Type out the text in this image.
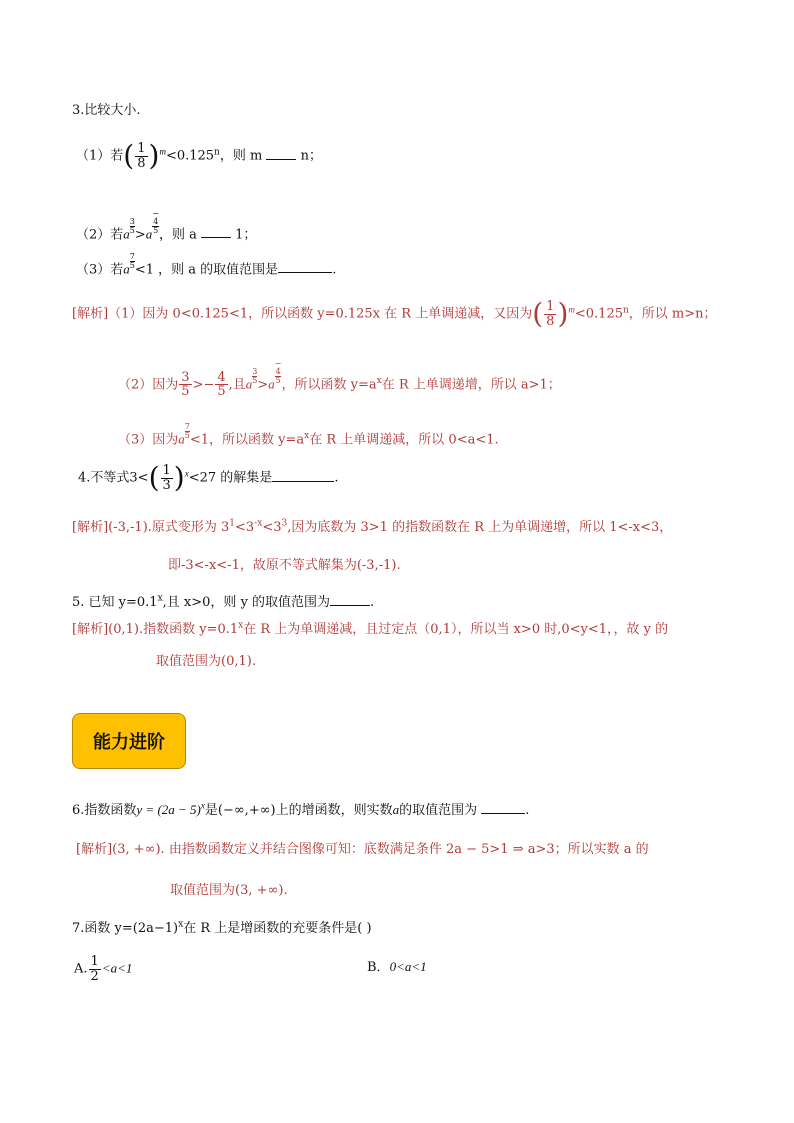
3.比较大小.
（1）若( $\frac{1}{8} )^m<0.125^n$，则 m	n；
（2）若a $\frac{3}{5} >a$ −
4
5 ，则 a	1；
（3）若a $\frac{7}{5} <1$ ，则 a 的取值范围是	.
[解析]（1）因为 0<0.125<1，所以函数 y=0.125x 在 R 上单调递减，又因为( $\frac{1}{8} )^m<0.125^n$，所以 m>n；
（2）因为 $\frac{3}{5} >- \frac{4}{5}$ ,且a $\frac{3}{5} >a$ −
4
5 ，所以函数 $y=a^x$在 R 上单调递增，所以 a>1；
（3）因为a $\frac{7}{5} <1$，所以函数 $y=a^x$在 R 上单调递减，所以 0<a<1.
4.不等式$3<( \frac{1}{3} )^x<27$ 的解集是	.
[解析](-3,-1).原式变形为 $3^1<3^{-x}<3^3$,因为底数为 3>1 的指数函数在 R 上为单调递增，所以 1<-x<3，
即-3<-x<-1，故原不等式解集为(-3,-1).
5. 已知 $y=0.1^x$,且 x>0，则 y 的取值范围为	.
[解析](0,1).指数函数 $y=0.1^x$在 R 上为单调递减，且过定点（0,1），所以当 x>0 时,0<y<1，，故 y 的
取值范围为(0,1).
能力进阶
6.指数函数$y = (2a - 5)^x$是(−∞,+∞)上的增函数，则实数a的取值范围为	.
[解析](3, +∞). 由指数函数定义并结合图像可知：底数满足条件 2a − 5>1 ⇒ a>3；所以实数 a 的
取值范围为(3, +∞).
7.函数 $y=(2a-1)^x$在 R 上是增函数的充要条件是( )
A. $\frac{1}{2} <a<1$	B．0<a<1
